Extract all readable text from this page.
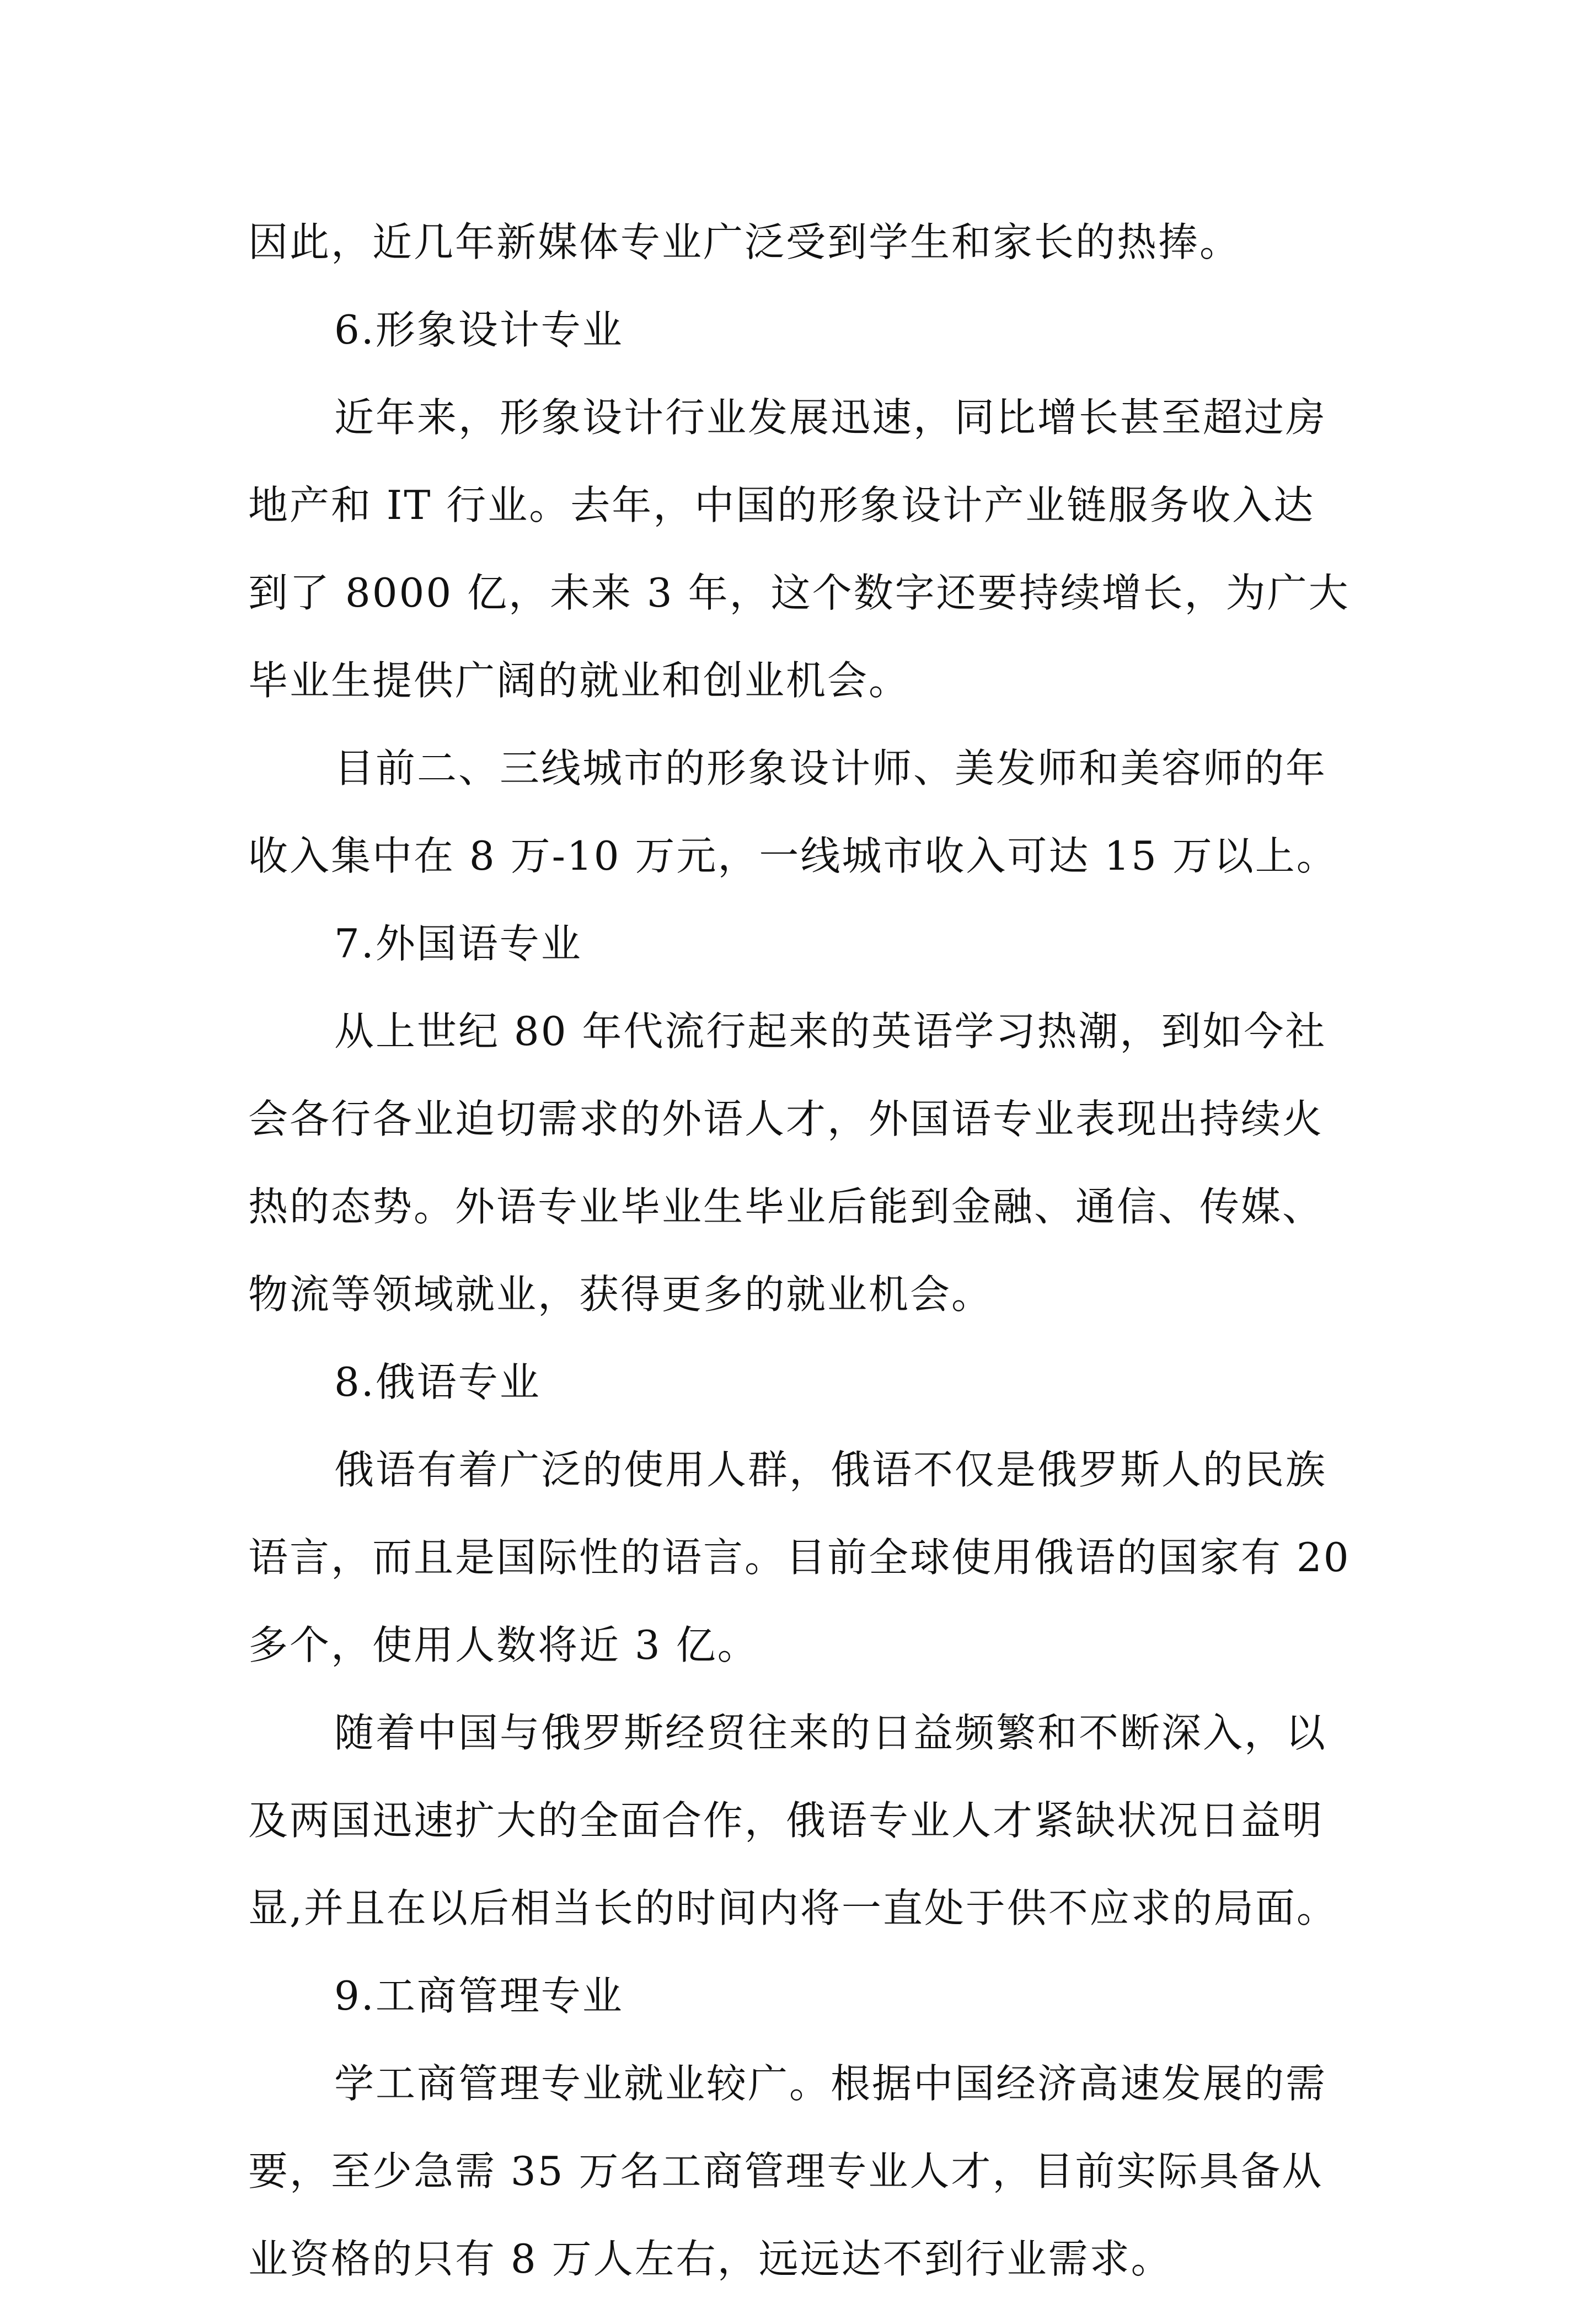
因此，近几年新媒体专业广泛受到学生和家长的热捧。

6.形象设计专业

近年来，形象设计行业发展迅速，同比增长甚至超过房

地产和 IT 行业。去年，中国的形象设计产业链服务收入达

到了 8000 亿，未来 3 年，这个数字还要持续增长，为广大

毕业生提供广阔的就业和创业机会。

目前二、三线城市的形象设计师、美发师和美容师的年

收入集中在 8 万-10 万元，一线城市收入可达 15 万以上。

7.外国语专业

从上世纪 80 年代流行起来的英语学习热潮，到如今社

会各行各业迫切需求的外语人才，外国语专业表现出持续火

热的态势。外语专业毕业生毕业后能到金融、通信、传媒、

物流等领域就业，获得更多的就业机会。

8.俄语专业

俄语有着广泛的使用人群，俄语不仅是俄罗斯人的民族

语言，而且是国际性的语言。目前全球使用俄语的国家有 20

多个，使用人数将近 3 亿。

随着中国与俄罗斯经贸往来的日益频繁和不断深入，以

及两国迅速扩大的全面合作，俄语专业人才紧缺状况日益明

显,并且在以后相当长的时间内将一直处于供不应求的局面。

9.工商管理专业

学工商管理专业就业较广。根据中国经济高速发展的需

要，至少急需 35 万名工商管理专业人才，目前实际具备从

业资格的只有 8 万人左右，远远达不到行业需求。
